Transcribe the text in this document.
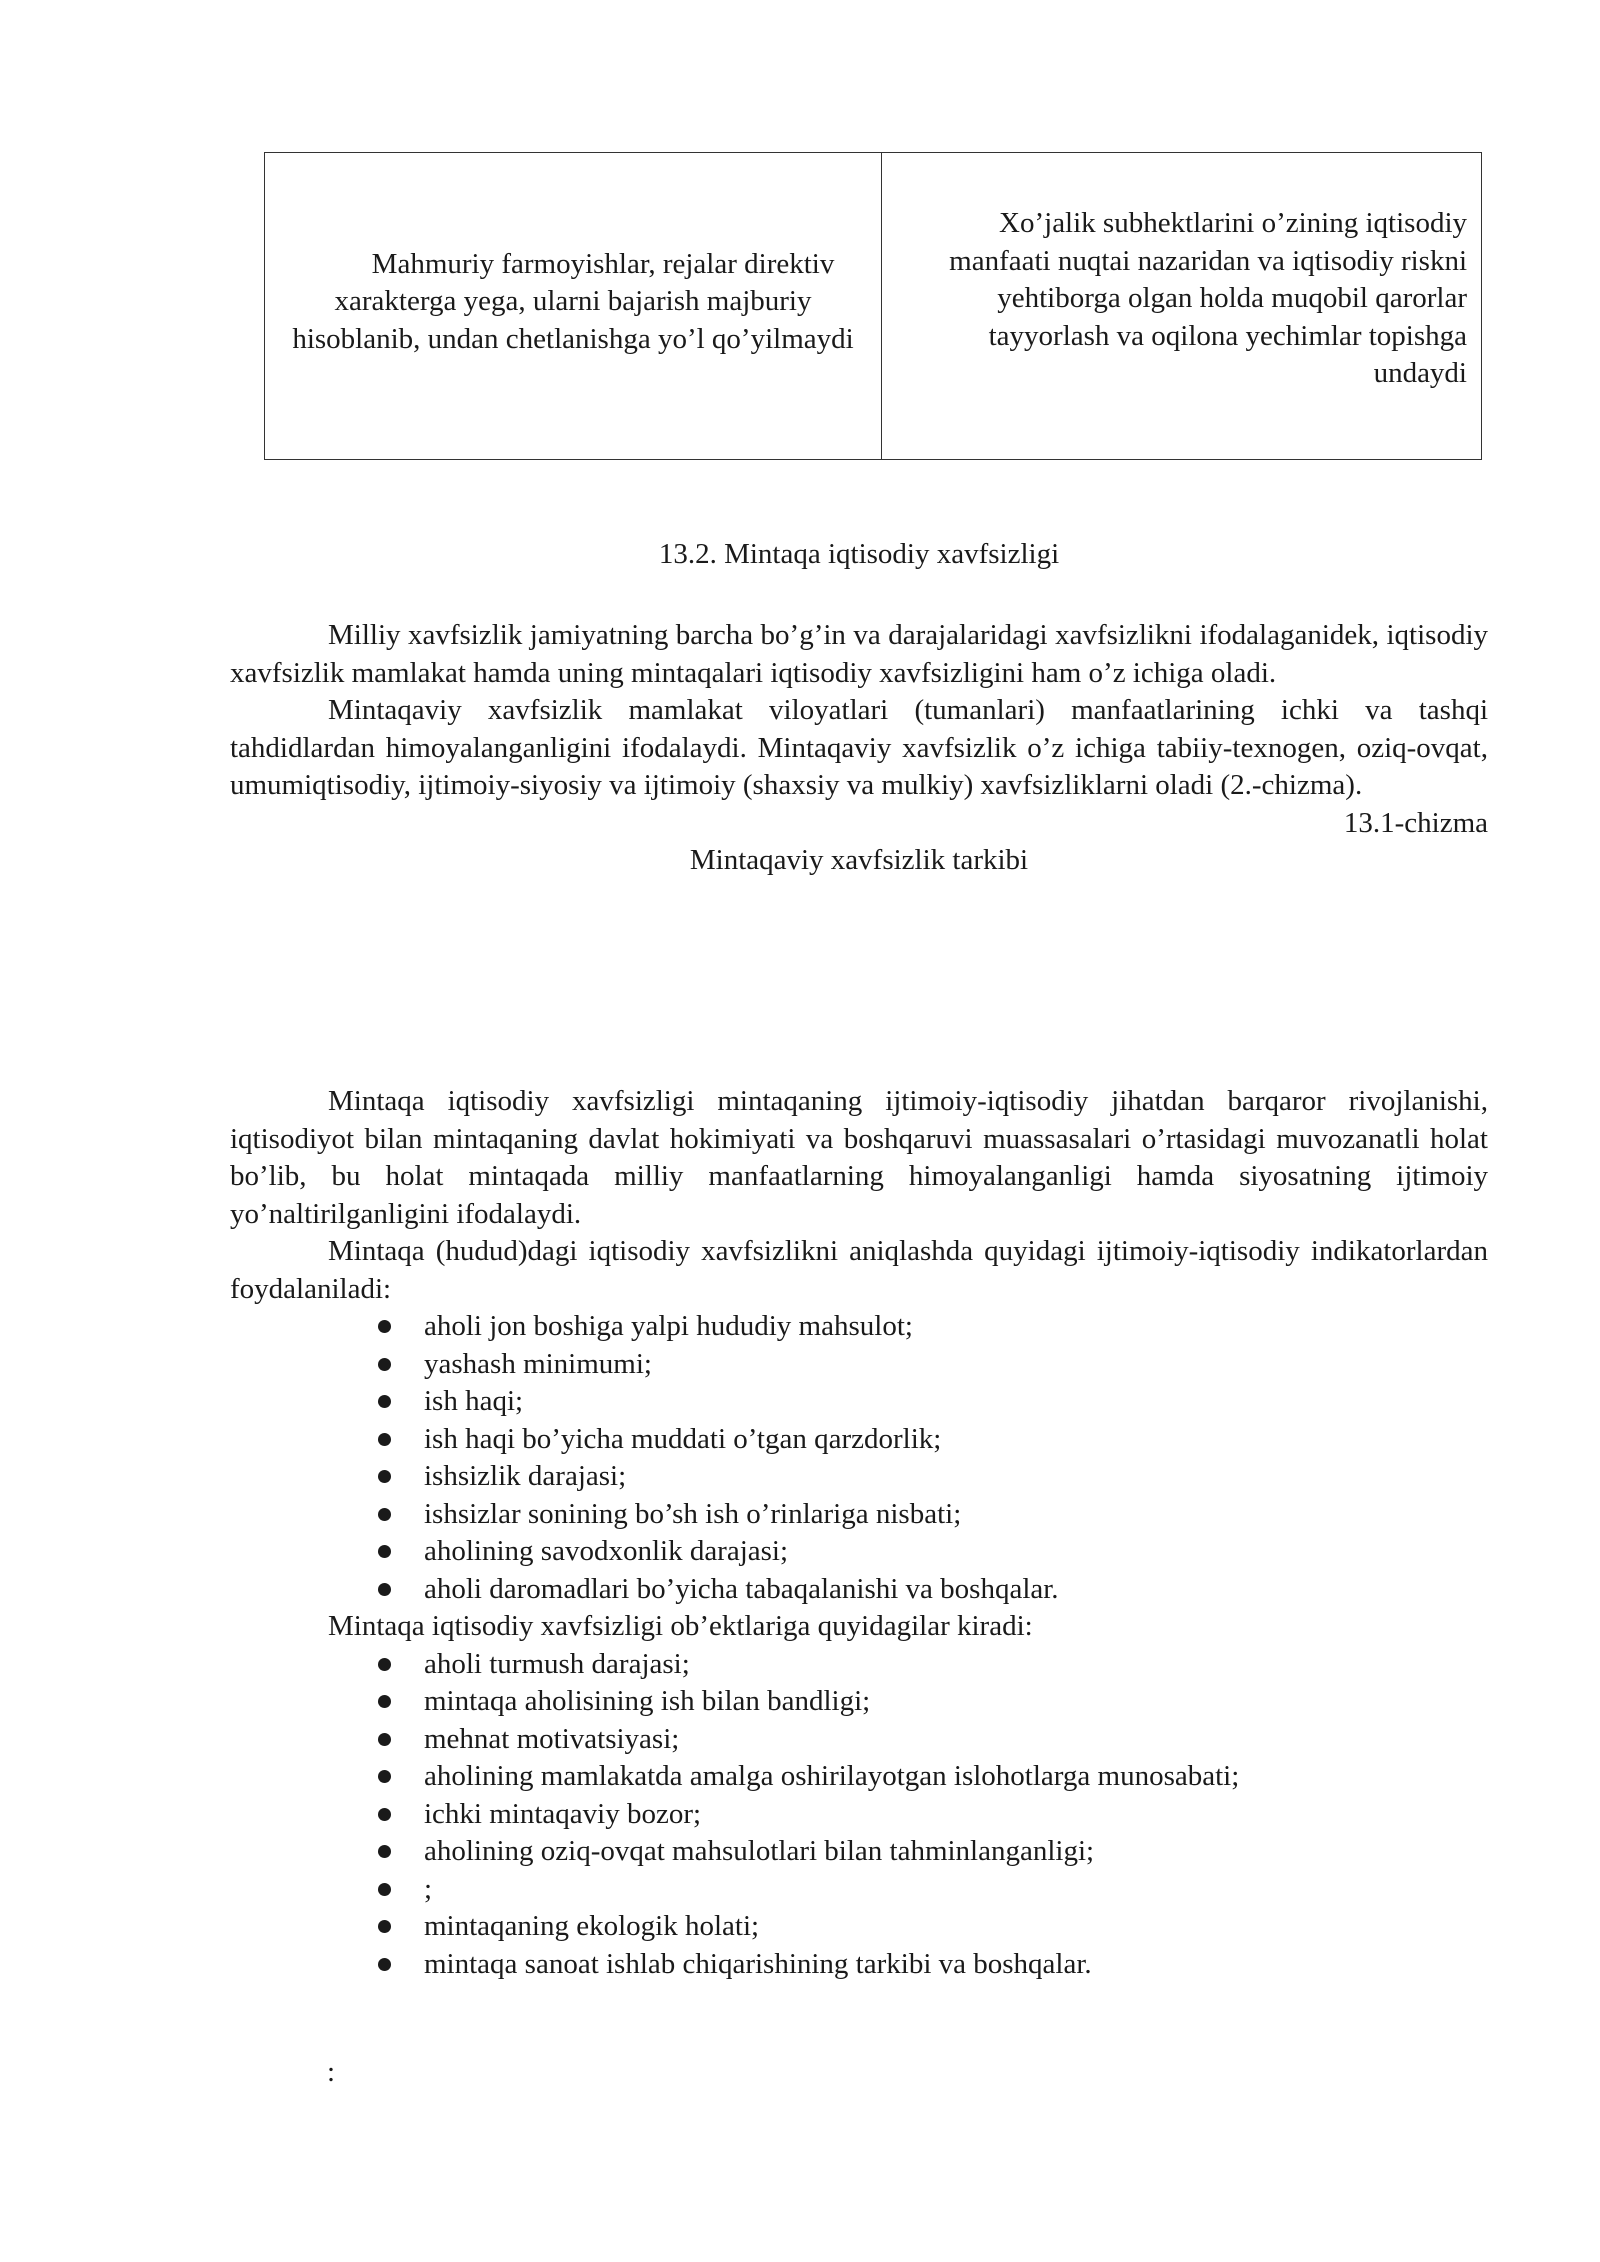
Mahmuriy farmoyishlar, rejalar direktiv xarakterga yega, ularni bajarish majburiy hisoblanib, undan chetlanishga yo’l qo’yilmaydi

Xo’jalik subhektlarini o’zining iqtisodiy manfaati nuqtai nazaridan va iqtisodiy riskni yehtiborga olgan holda muqobil qarorlar tayyorlash va oqilona yechimlar topishga undaydi

13.2. Mintaqa iqtisodiy xavfsizligi

Milliy xavfsizlik jamiyatning barcha bo’g’in va darajalaridagi xavfsizlikni ifodalaganidek, iqtisodiy xavfsizlik mamlakat hamda uning mintaqalari iqtisodiy xavfsizligini ham o’z ichiga oladi.

Mintaqaviy xavfsizlik mamlakat viloyatlari (tumanlari) manfaatlarining ichki va tashqi tahdidlardan himoyalanganligini ifodalaydi. Mintaqaviy xavfsizlik o’z ichiga tabiiy-texnogen, oziq-ovqat, umumiqtisodiy, ijtimoiy-siyosiy va ijtimoiy (shaxsiy va mulkiy) xavfsizliklarni oladi (2.-chizma).

13.1-chizma

Mintaqaviy xavfsizlik tarkibi

Mintaqa iqtisodiy xavfsizligi mintaqaning ijtimoiy-iqtisodiy jihatdan barqaror rivojlanishi, iqtisodiyot bilan mintaqaning davlat hokimiyati va boshqaruvi muassasalari o’rtasidagi muvozanatli holat bo’lib, bu holat mintaqada milliy manfaatlarning himoyalanganligi hamda siyosatning ijtimoiy yo’naltirilganligini ifodalaydi.

Mintaqa (hudud)dagi iqtisodiy xavfsizlikni aniqlashda quyidagi ijtimoiy-iqtisodiy indikatorlardan foydalaniladi:

aholi jon boshiga yalpi hududiy mahsulot;
yashash minimumi;
ish haqi;
ish haqi bo’yicha muddati o’tgan qarzdorlik;
ishsizlik darajasi;
ishsizlar sonining bo’sh ish o’rinlariga nisbati;
aholining savodxonlik darajasi;
aholi daromadlari bo’yicha tabaqalanishi va boshqalar.

Mintaqa iqtisodiy xavfsizligi ob’ektlariga quyidagilar kiradi:

aholi turmush darajasi;
mintaqa aholisining ish bilan bandligi;
mehnat motivatsiyasi;
aholining mamlakatda amalga oshirilayotgan islohotlarga munosabati;
ichki mintaqaviy bozor;
aholining oziq-ovqat mahsulotlari bilan tahminlanganligi;
;
mintaqaning ekologik holati;
mintaqa sanoat ishlab chiqarishining tarkibi va boshqalar.

:
